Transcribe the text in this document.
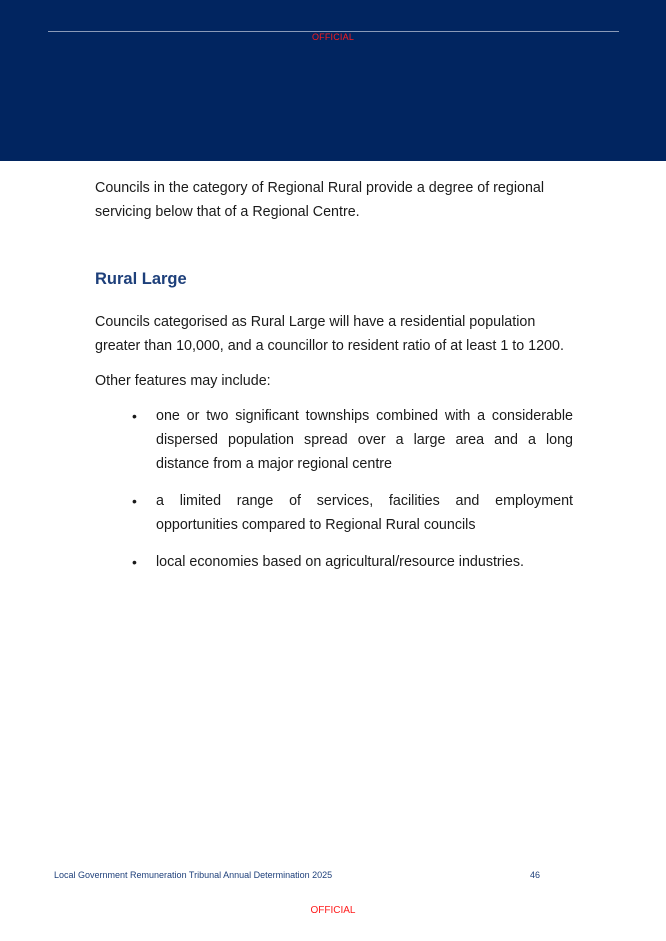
OFFICIAL

Councils in the category of Regional Rural provide a degree of regional servicing below that of a Regional Centre.

Rural Large

Councils categorised as Rural Large will have a residential population greater than 10,000, and a councillor to resident ratio of at least 1 to 1200.

Other features may include:

• one or two significant townships combined with a considerable dispersed population spread over a large area and a long distance from a major regional centre
• a limited range of services, facilities and employment opportunities compared to Regional Rural councils
• local economies based on agricultural/resource industries.
Local Government Remuneration Tribunal Annual Determination 2025	46
OFFICIAL
